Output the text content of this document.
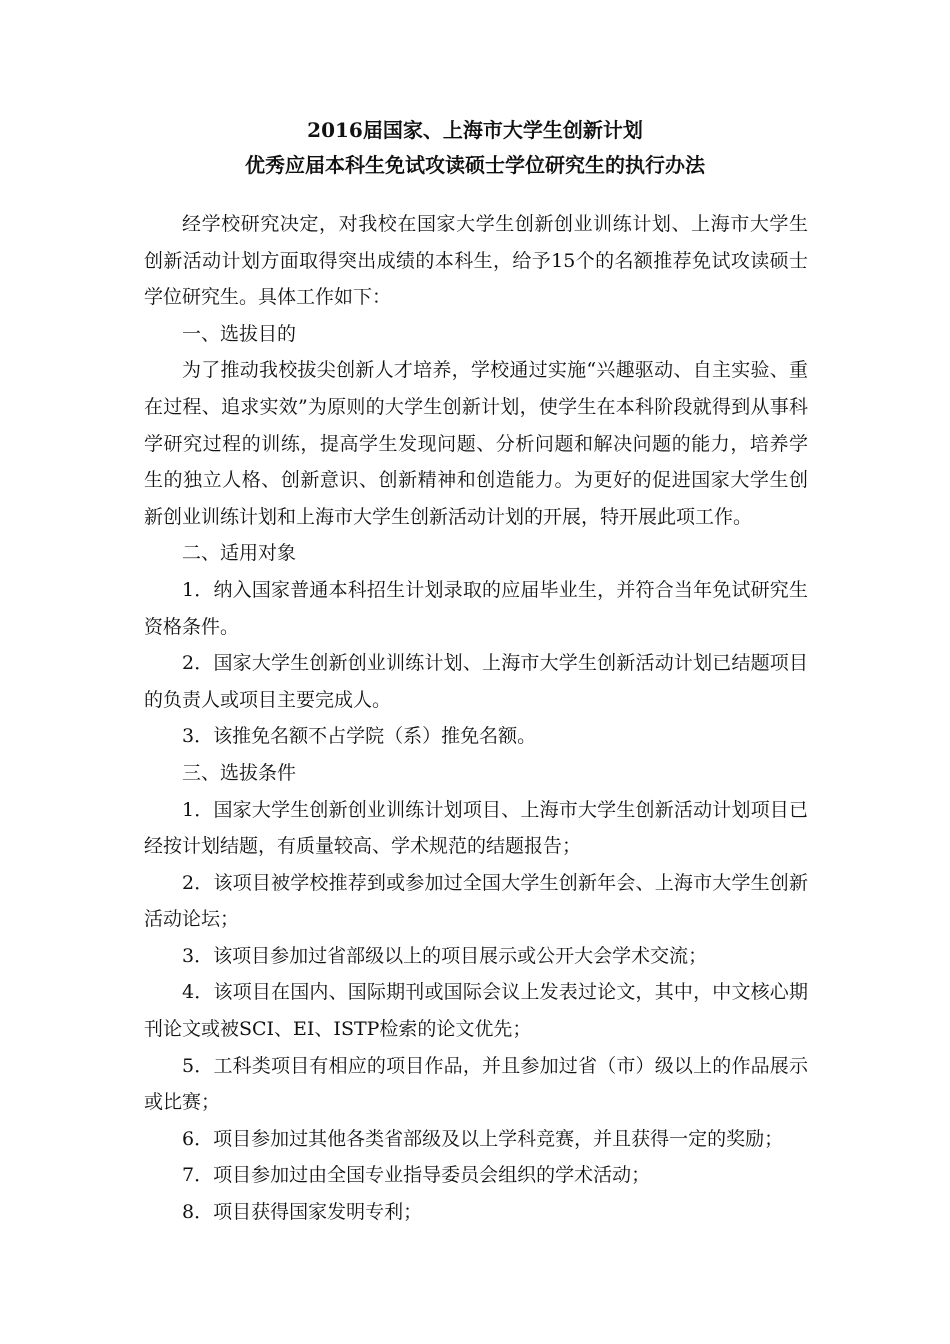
2016届国家、上海市大学生创新计划
优秀应届本科生免试攻读硕士学位研究生的执行办法

经学校研究决定，对我校在国家大学生创新创业训练计划、上海市大学生创新活动计划方面取得突出成绩的本科生，给予15个的名额推荐免试攻读硕士学位研究生。具体工作如下：

一、选拔目的

为了推动我校拔尖创新人才培养，学校通过实施“兴趣驱动、自主实验、重在过程、追求实效”为原则的大学生创新计划，使学生在本科阶段就得到从事科学研究过程的训练，提高学生发现问题、分析问题和解决问题的能力，培养学生的独立人格、创新意识、创新精神和创造能力。为更好的促进国家大学生创新创业训练计划和上海市大学生创新活动计划的开展，特开展此项工作。

二、适用对象

1．纳入国家普通本科招生计划录取的应届毕业生，并符合当年免试研究生资格条件。

2．国家大学生创新创业训练计划、上海市大学生创新活动计划已结题项目的负责人或项目主要完成人。

3．该推免名额不占学院（系）推免名额。

三、选拔条件

1．国家大学生创新创业训练计划项目、上海市大学生创新活动计划项目已经按计划结题，有质量较高、学术规范的结题报告；

2．该项目被学校推荐到或参加过全国大学生创新年会、上海市大学生创新活动论坛；

3．该项目参加过省部级以上的项目展示或公开大会学术交流；

4．该项目在国内、国际期刊或国际会议上发表过论文，其中，中文核心期刊论文或被SCI、EI、ISTP检索的论文优先；

5．工科类项目有相应的项目作品，并且参加过省（市）级以上的作品展示或比赛；

6．项目参加过其他各类省部级及以上学科竞赛，并且获得一定的奖励；

7．项目参加过由全国专业指导委员会组织的学术活动；

8．项目获得国家发明专利；
